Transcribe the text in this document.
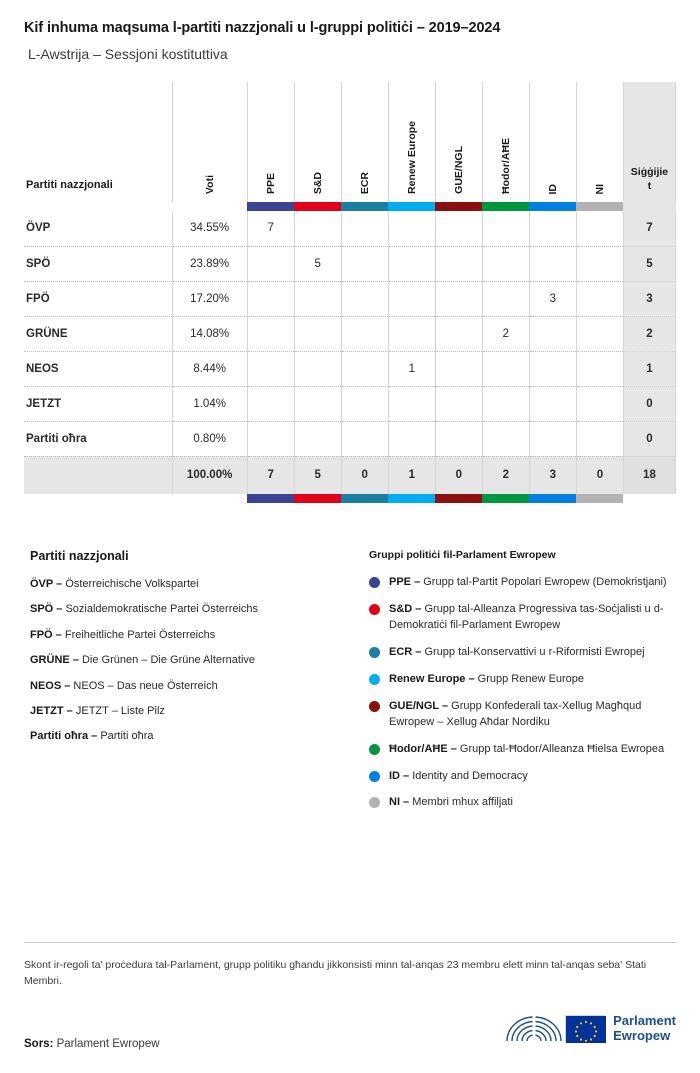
Kif inhuma maqsuma l-partiti nazzjonali u l-gruppi politiċi – 2019–2024
L-Awstrija – Sessjoni kostituttiva
Partiti nazzjonali	Voti	PPE	S&D	ECR	Renew Europe	GUE/NGL	Ħodor/AĦE	ID	NI	Siġġijiet

ÖVP	34.55%	7								7
SPÖ	23.89%		5							5
FPÖ	17.20%							3		3
GRÜNE	14.08%						2			2
NEOS	8.44%				1					1
JETZT	1.04%									0
Partiti oħra	0.80%									0
	100.00%	7	5	0	1	0	2	3	0	18

Partiti nazzjonali
ÖVP – Österreichische Volkspartei
SPÖ – Sozialdemokratische Partei Österreichs
FPÖ – Freiheitliche Partei Österreichs
GRÜNE – Die Grünen – Die Grüne Alternative
NEOS – NEOS – Das neue Österreich
JETZT – JETZT – Liste Pilz
Partiti oħra – Partiti oħra
Gruppi politiċi fil-Parlament Ewropew
PPE – Grupp tal-Partit Popolari Ewropew (Demokristjani)
S&D – Grupp tal-Alleanza Progressiva tas-Soċjalisti u d-Demokratiċi fil-Parlament Ewropew
ECR – Grupp tal-Konservattivi u r-Riformisti Ewropej
Renew Europe – Grupp Renew Europe
GUE/NGL – Grupp Konfederali tax-Xellug Magħqud Ewropew – Xellug Aħdar Nordiku
Ħodor/AĦE – Grupp tal-Ħodor/Alleanza Ħielsa Ewropea
ID – Identity and Democracy
NI – Membri mhux affiljati
Skont ir-regoli ta' proċedura tal-Parlament, grupp politiku għandu jikkonsisti minn tal-anqas 23 membru elett minn tal-anqas seba' Stati Membri.
Sors: Parlament Ewropew
Parlament
Ewropew
